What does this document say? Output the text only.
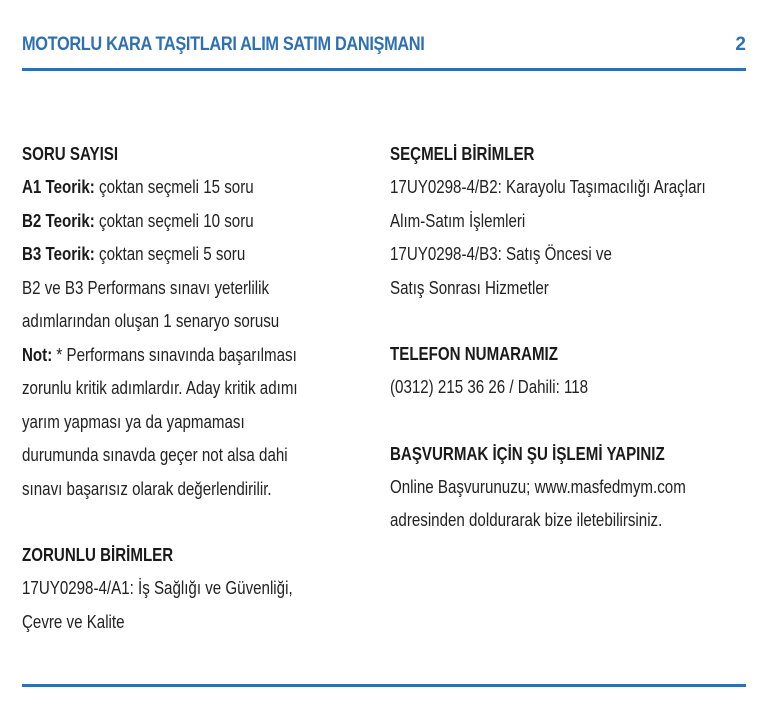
MOTORLU KARA TAŞITLARI ALIM SATIM DANIŞMANI	2
SORU SAYISI
A1 Teorik: çoktan seçmeli 15 soru
B2 Teorik: çoktan seçmeli 10 soru
B3 Teorik: çoktan seçmeli 5 soru
B2 ve B3 Performans sınavı yeterlilik
adımlarından oluşan 1 senaryo sorusu
Not: * Performans sınavında başarılması
zorunlu kritik adımlardır. Aday kritik adımı
yarım yapması ya da yapmaması
durumunda sınavda geçer not alsa dahi
sınavı başarısız olarak değerlendirilir.
ZORUNLU BİRİMLER
17UY0298-4/A1: İş Sağlığı ve Güvenliği,
Çevre ve Kalite
SEÇMELİ BİRİMLER
17UY0298-4/B2: Karayolu Taşımacılığı Araçları
Alım-Satım İşlemleri
17UY0298-4/B3: Satış Öncesi ve
Satış Sonrası Hizmetler
TELEFON NUMARAMIZ
(0312) 215 36 26 / Dahili: 118
BAŞVURMAK İÇİN ŞU İŞLEMİ YAPINIZ
Online Başvurunuzu; www.masfedmym.com
adresinden doldurarak bize iletebilirsiniz.
